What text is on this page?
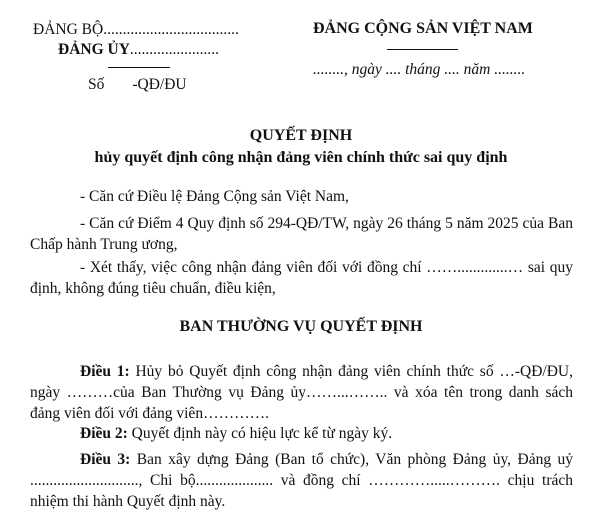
ĐẢNG BỘ...................................
ĐẢNG ỦY.......................
Số -QĐ/ĐU
ĐẢNG CỘNG SẢN VIỆT NAM
........, ngày .... tháng .... năm ........
QUYẾT ĐỊNH
hủy quyết định công nhận đảng viên chính thức sai quy định
- Căn cứ Điều lệ Đảng Cộng sản Việt Nam,
- Căn cứ Điểm 4 Quy định số 294-QĐ/TW, ngày 26 tháng 5 năm 2025 của Ban Chấp hành Trung ương,
- Xét thấy, việc công nhận đảng viên đối với đồng chí …….............… sai quy định, không đúng tiêu chuẩn, điều kiện,
BAN THƯỜNG VỤ QUYẾT ĐỊNH
Điều 1: Hủy bỏ Quyết định công nhận đảng viên chính thức số …-QĐ/ĐU, ngày ………của Ban Thường vụ Đảng ủy……...…….. và xóa tên trong danh sách đảng viên đối với đảng viên………….
Điều 2: Quyết định này có hiệu lực kể từ ngày ký.
Điều 3: Ban xây dựng Đảng (Ban tổ chức), Văn phòng Đảng ủy, Đảng uỷ ............................, Chi bộ.................... và đồng chí ………….....………. chịu trách nhiệm thi hành Quyết định này.
